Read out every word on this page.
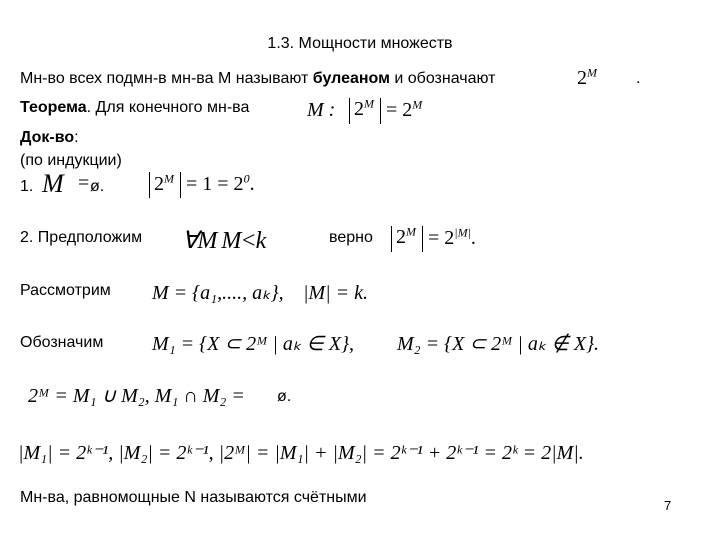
1.3. Мощности множеств
Мн-во всех подмн-в мн-ва М называют булеаном и обозначают	$2^M$ .
Теорема. Для конечного мн-ва	M : $2^M = 2^M$
Док-во:
(по индукции)
1. M = ø. $2^M = 1 = 2^0$.
2. Предположим ∀M M<k	верно $2^M = 2^{|M|}$.
Рассмотрим M = {a₁,...., aₖ}, |M| = k.
Обозначим M₁ = {X ⊂ 2ᴹ | aₖ ∈ X}, M₂ = {X ⊂ 2ᴹ | aₖ ∉ X}.
2ᴹ = M₁ ∪ M₂, M₁ ∩ M₂ = ø.
|M₁| = 2ᵏ⁻¹, |M₂| = 2ᵏ⁻¹, |2ᴹ| = |M₁| + |M₂| = 2ᵏ⁻¹ + 2ᵏ⁻¹ = 2ᵏ = 2|M|.
Мн-ва, равномощные N называются счётными	7
